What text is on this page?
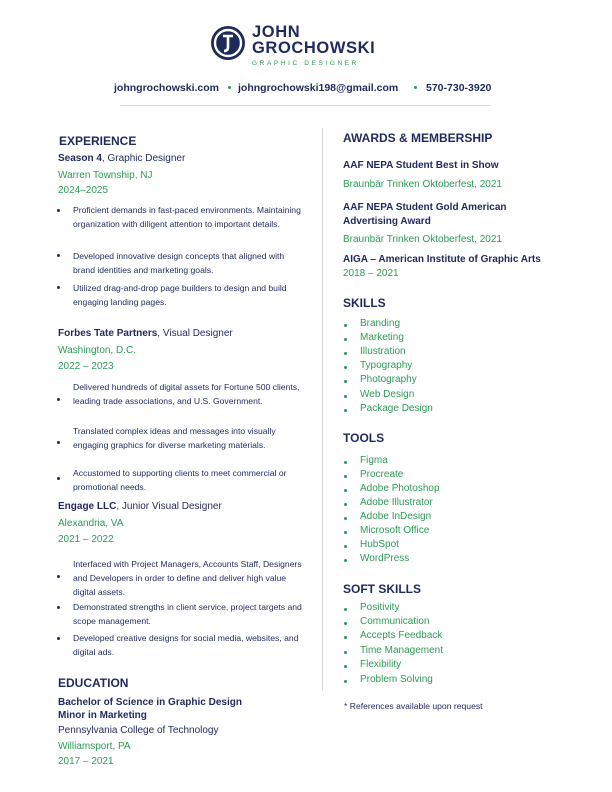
JOHN
GROCHOWSKI
GRAPHIC DESIGNER
johngrochowski.com johngrochowski198@gmail.com	570-730-3920
EXPERIENCE
Season 4, Graphic Designer
Warren Township, NJ
2024–2025
Proficient demands in fast-paced environments. Maintaining organization with diligent attention to important details.
Developed innovative design concepts that aligned with brand identities and marketing goals.
Utilized drag-and-drop page builders to design and build engaging landing pages.
Forbes Tate Partners, Visual Designer
Washington, D.C.
2022 – 2023
Delivered hundreds of digital assets for Fortune 500 clients, leading trade associations, and U.S. Government.
Translated complex ideas and messages into visually engaging graphics for diverse marketing materials.
Accustomed to supporting clients to meet commercial or promotional needs.
Engage LLC, Junior Visual Designer
Alexandria, VA
2021 – 2022
Interfaced with Project Managers, Accounts Staff, Designers and Developers in order to define and deliver high value digital assets.
Demonstrated strengths in client service, project targets and scope management.
Developed creative designs for social media, websites, and digital ads.
EDUCATION
Bachelor of Science in Graphic Design
Minor in Marketing
Pennsylvania College of Technology
Williamsport, PA
2017 – 2021
AWARDS & MEMBERSHIP
AAF NEPA Student Best in Show
Braunbär Trinken Oktoberfest, 2021
AAF NEPA Student Gold American Advertising Award
Braunbär Trinken Oktoberfest, 2021
AIGA – American Institute of Graphic Arts
2018 – 2021
SKILLS
Branding
Marketing
Illustration
Typography
Photography
Web Design
Package Design
TOOLS
Figma
Procreate
Adobe Photoshop
Adobe Illustrator
Adobe InDesign
Microsoft Office
HubSpot
WordPress
SOFT SKILLS
Positivity
Communication
Accepts Feedback
Time Management
Flexibility
Problem Solving
* References available upon request
